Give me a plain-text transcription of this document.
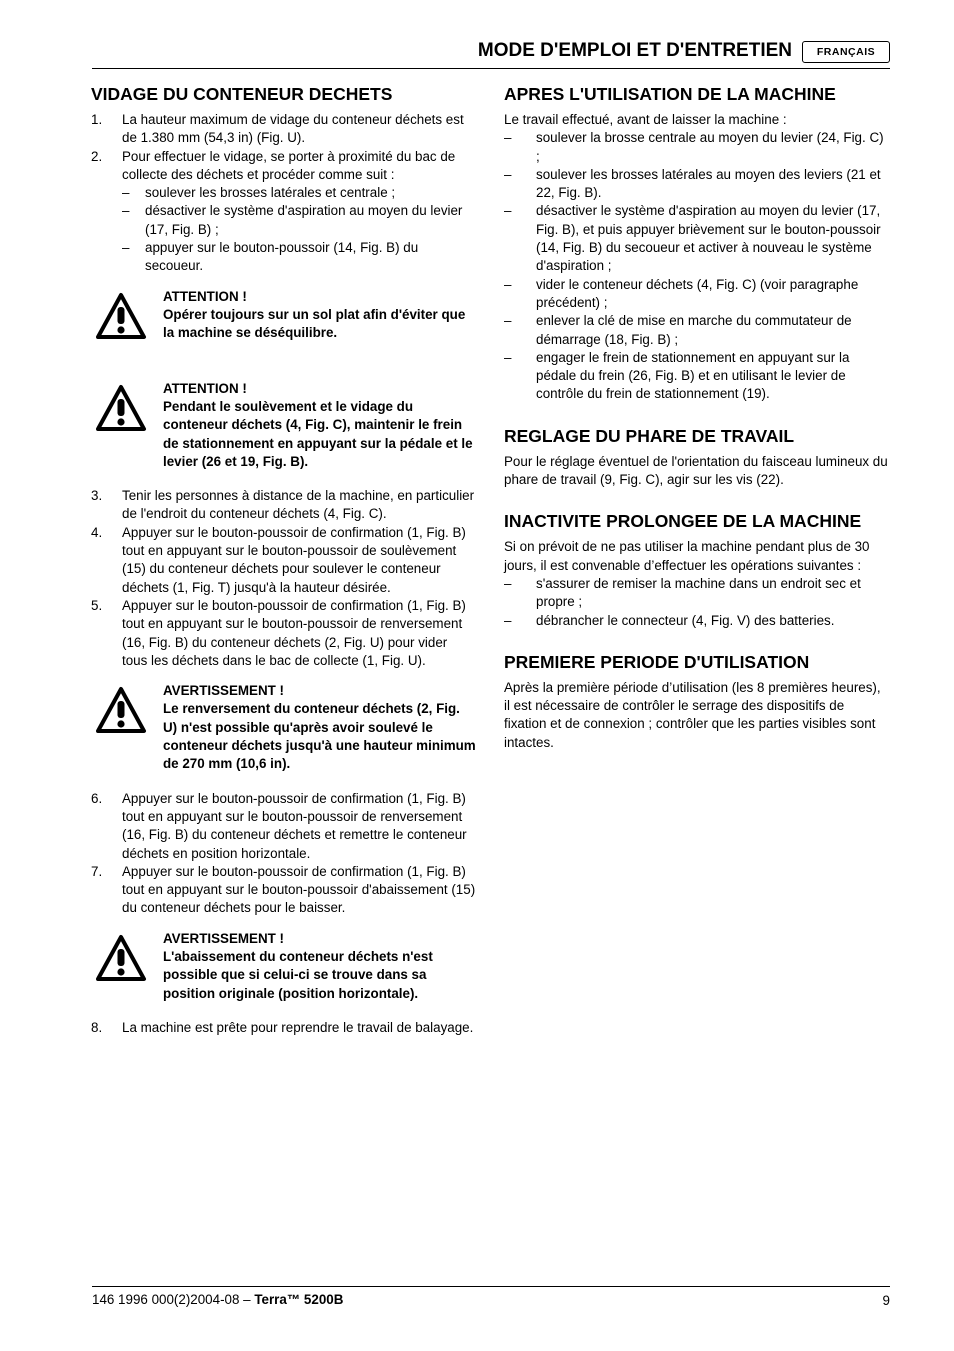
MODE D'EMPLOI ET D'ENTRETIEN	FRANÇAIS
VIDAGE DU CONTENEUR DECHETS
1. La hauteur maximum de vidage du conteneur déchets est de 1.380 mm (54,3 in) (Fig. U).
2. Pour effectuer le vidage, se porter à proximité du bac de collecte des déchets et procéder comme suit :
– soulever les brosses latérales et centrale ;
– désactiver le système d'aspiration au moyen du levier (17, Fig. B) ;
– appuyer sur le bouton-poussoir (14, Fig. B) du secoueur.
ATTENTION !
Opérer toujours sur un sol plat afin d'éviter que la machine se déséquilibre.
ATTENTION !
Pendant le soulèvement et le vidage du conteneur déchets (4, Fig. C), maintenir le frein de stationnement en appuyant sur la pédale et le levier (26 et 19, Fig. B).
3. Tenir les personnes à distance de la machine, en particulier de l'endroit du conteneur déchets (4, Fig. C).
4. Appuyer sur le bouton-poussoir de confirmation (1, Fig. B) tout en appuyant sur le bouton-poussoir de soulèvement (15) du conteneur déchets pour soulever le conteneur déchets (1, Fig. T) jusqu'à la hauteur désirée.
5. Appuyer sur le bouton-poussoir de confirmation (1, Fig. B) tout en appuyant sur le bouton-poussoir de renversement (16, Fig. B) du conteneur déchets (2, Fig. U) pour vider tous les déchets dans le bac de collecte (1, Fig. U).
AVERTISSEMENT !
Le renversement du conteneur déchets (2, Fig. U) n'est possible qu'après avoir soulevé le conteneur déchets jusqu'à une hauteur minimum de 270 mm (10,6 in).
6. Appuyer sur le bouton-poussoir de confirmation (1, Fig. B) tout en appuyant sur le bouton-poussoir de renversement (16, Fig. B) du conteneur déchets et remettre le conteneur déchets en position horizontale.
7. Appuyer sur le bouton-poussoir de confirmation (1, Fig. B) tout en appuyant sur le bouton-poussoir d'abaissement (15) du conteneur déchets pour le baisser.
AVERTISSEMENT !
L'abaissement du conteneur déchets n'est possible que si celui-ci se trouve dans sa position originale (position horizontale).
8. La machine est prête pour reprendre le travail de balayage.
APRES L'UTILISATION DE LA MACHINE

Le travail effectué, avant de laisser la machine :

– soulever la brosse centrale au moyen du levier (24, Fig. C) ;
– soulever les brosses latérales au moyen des leviers (21 et 22, Fig. B).
– désactiver le système d'aspiration au moyen du levier (17, Fig. B), et puis appuyer brièvement sur le bouton-poussoir (14, Fig. B) du secoueur et activer à nouveau le système d'aspiration ;
– vider le conteneur déchets (4, Fig. C) (voir paragraphe précédent) ;
– enlever la clé de mise en marche du commutateur de démarrage (18, Fig. B) ;
– engager le frein de stationnement en appuyant sur la pédale du frein (26, Fig. B) et en utilisant le levier de contrôle du frein de stationnement (19).
REGLAGE DU PHARE DE TRAVAIL

Pour le réglage éventuel de l'orientation du faisceau lumineux du phare de travail (9, Fig. C), agir sur les vis (22).

INACTIVITE PROLONGEE DE LA MACHINE

Si on prévoit de ne pas utiliser la machine pendant plus de 30 jours, il est convenable d’effectuer les opérations suivantes :

– s'assurer de remiser la machine dans un endroit sec et propre ;
– débrancher le connecteur (4, Fig. V) des batteries.
PREMIERE PERIODE D'UTILISATION

Après la première période d’utilisation (les 8 premières heures), il est nécessaire de contrôler le serrage des dispositifs de fixation et de connexion ; contrôler que les parties visibles sont intactes.

146 1996 000(2)2004-08 – Terra™ 5200B	9
